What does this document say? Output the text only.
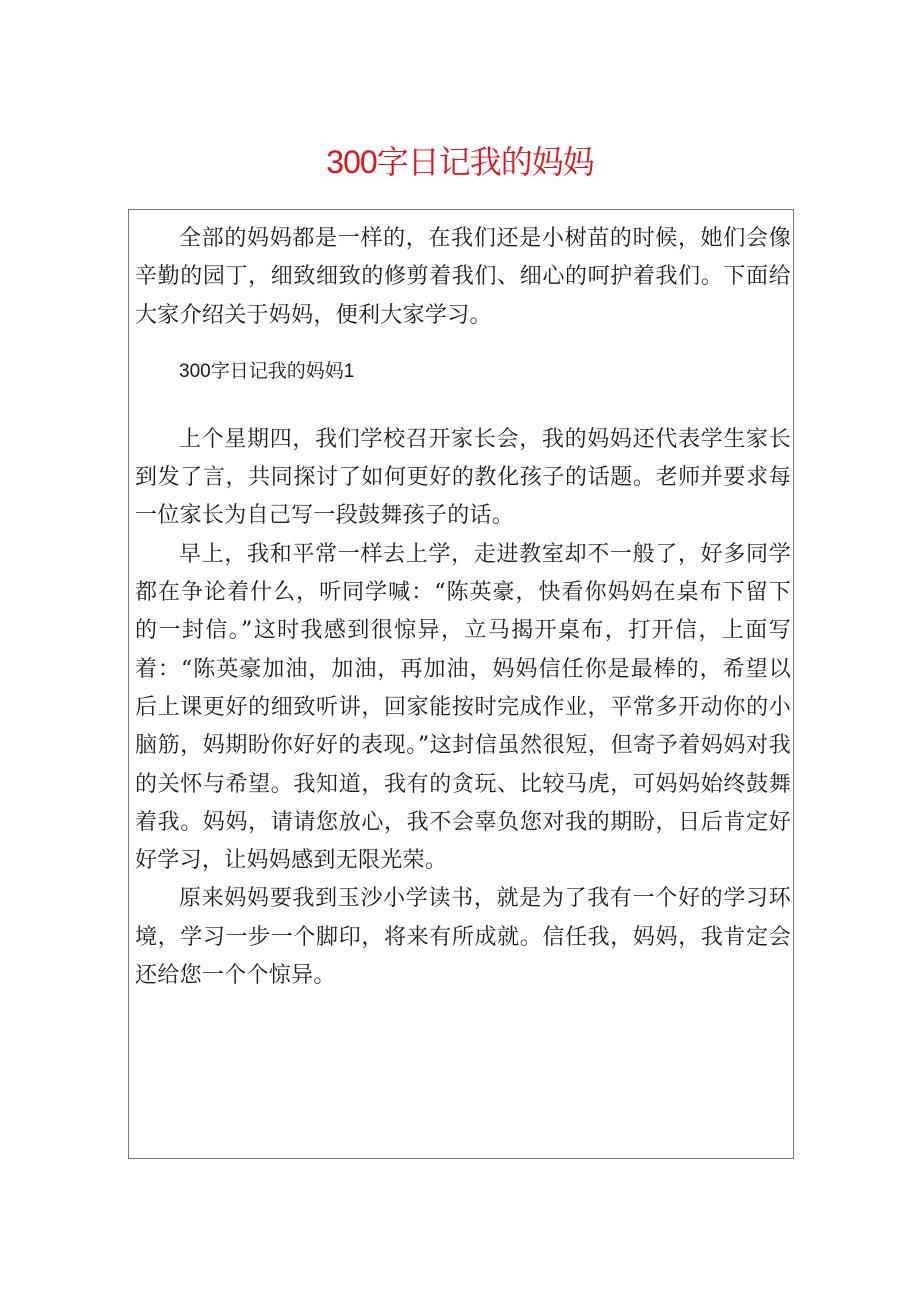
300字日记我的妈妈

全部的妈妈都是一样的，在我们还是小树苗的时候，她们会像辛勤的园丁，细致细致的修剪着我们、细心的呵护着我们。下面给大家介绍关于妈妈，便利大家学习。

300字日记我的妈妈1

上个星期四，我们学校召开家长会，我的妈妈还代表学生家长到发了言，共同探讨了如何更好的教化孩子的话题。老师并要求每一位家长为自己写一段鼓舞孩子的话。

早上，我和平常一样去上学，走进教室却不一般了，好多同学都在争论着什么，听同学喊：“陈英豪，快看你妈妈在桌布下留下的一封信。”这时我感到很惊异，立马揭开桌布，打开信，上面写着：“陈英豪加油，加油，再加油，妈妈信任你是最棒的，希望以后上课更好的细致听讲，回家能按时完成作业，平常多开动你的小脑筋，妈期盼你好好的表现。”这封信虽然很短，但寄予着妈妈对我的关怀与希望。我知道，我有的贪玩、比较马虎，可妈妈始终鼓舞着我。妈妈，请请您放心，我不会辜负您对我的期盼，日后肯定好好学习，让妈妈感到无限光荣。

原来妈妈要我到玉沙小学读书，就是为了我有一个好的学习环境，学习一步一个脚印，将来有所成就。信任我，妈妈，我肯定会还给您一个个惊异。
